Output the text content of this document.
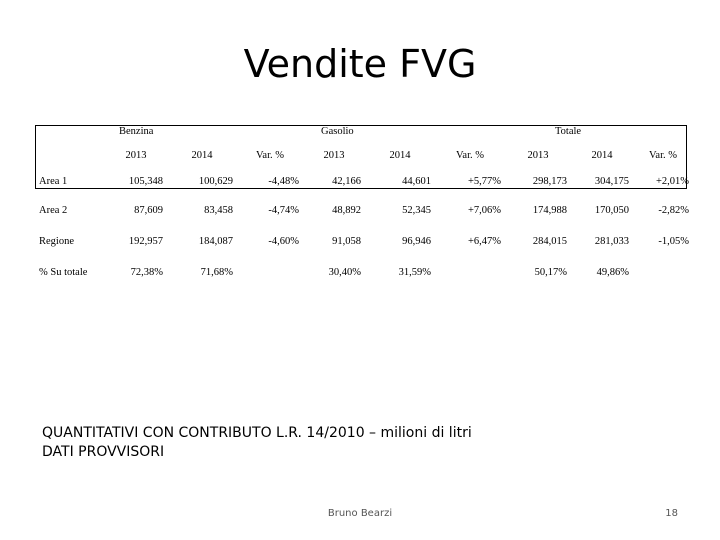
Vendite FVG
	Benzina			Gasolio			Totale		
	2013	2014	Var. %	2013	2014	Var. %	2013	2014	Var. %
Area 1	105,348	100,629	-4,48%	42,166	44,601	+5,77%	298,173	304,175	+2,01%
Area 2	87,609	83,458	-4,74%	48,892	52,345	+7,06%	174,988	170,050	-2,82%
Regione	192,957	184,087	-4,60%	91,058	96,946	+6,47%	284,015	281,033	-1,05%
% Su totale	72,38%	71,68%		30,40%	31,59%		50,17%	49,86%	
QUANTITATIVI CON CONTRIBUTO L.R. 14/2010 – milioni di litri
DATI PROVVISORI
Bruno Bearzi	18
